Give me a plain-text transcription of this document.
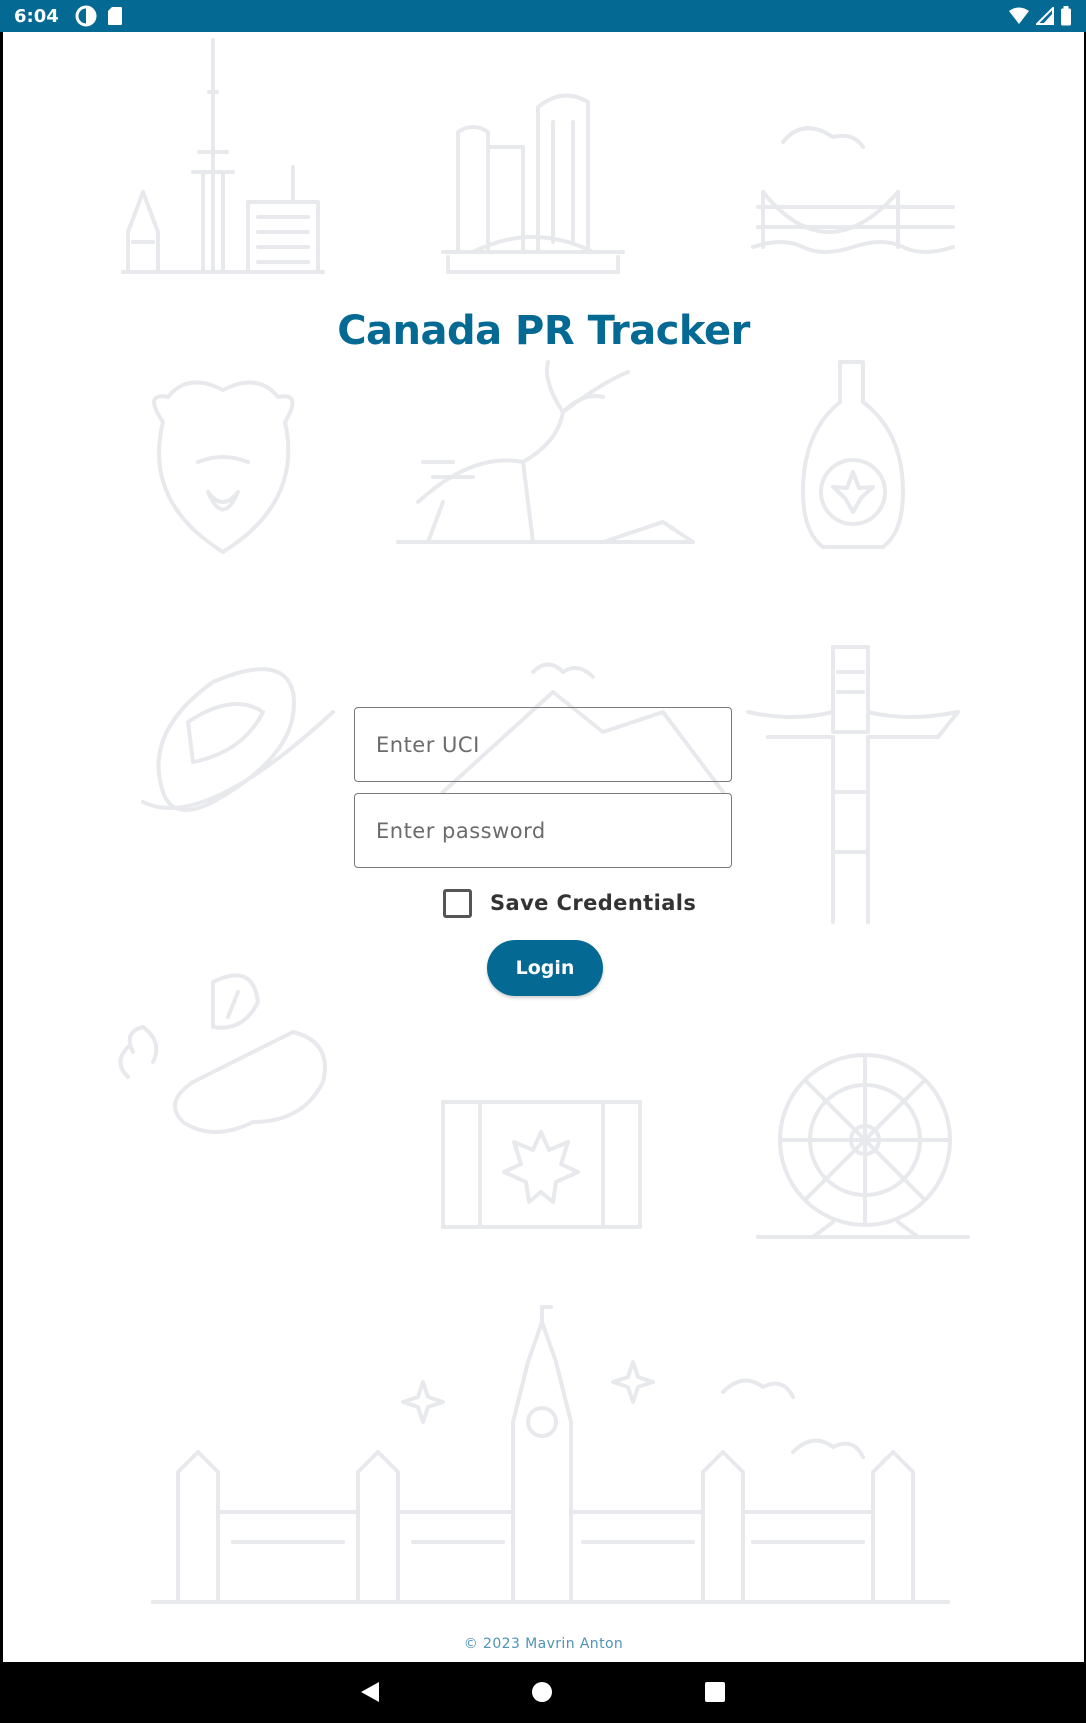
6:04
Canada PR Tracker
Enter UCI
Save Credentials
Login
© 2023 Mavrin Anton
